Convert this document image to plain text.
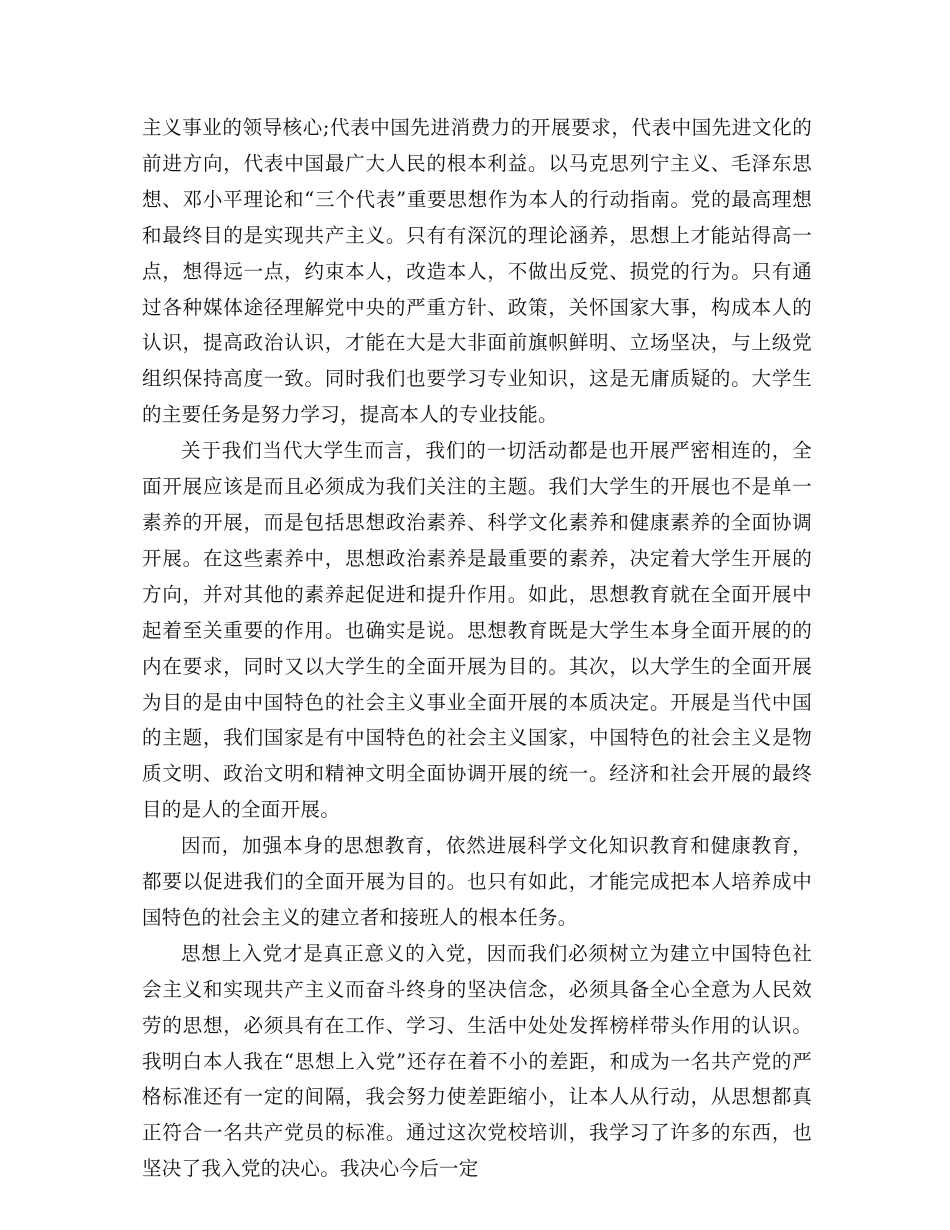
主义事业的领导核心;代表中国先进消费力的开展要求，代表中国先进文化的前进方向，代表中国最广大人民的根本利益。以马克思列宁主义、毛泽东思想、邓小平理论和“三个代表”重要思想作为本人的行动指南。党的最高理想和最终目的是实现共产主义。只有有深沉的理论涵养，思想上才能站得高一点，想得远一点，约束本人，改造本人，不做出反党、损党的行为。只有通过各种媒体途径理解党中央的严重方针、政策，关怀国家大事，构成本人的认识，提高政治认识，才能在大是大非面前旗帜鲜明、立场坚决，与上级党组织保持高度一致。同时我们也要学习专业知识，这是无庸质疑的。大学生的主要任务是努力学习，提高本人的专业技能。

关于我们当代大学生而言，我们的一切活动都是也开展严密相连的，全面开展应该是而且必须成为我们关注的主题。我们大学生的开展也不是单一素养的开展，而是包括思想政治素养、科学文化素养和健康素养的全面协调开展。在这些素养中，思想政治素养是最重要的素养，决定着大学生开展的方向，并对其他的素养起促进和提升作用。如此，思想教育就在全面开展中起着至关重要的作用。也确实是说。思想教育既是大学生本身全面开展的的内在要求，同时又以大学生的全面开展为目的。其次，以大学生的全面开展为目的是由中国特色的社会主义事业全面开展的本质决定。开展是当代中国的主题，我们国家是有中国特色的社会主义国家，中国特色的社会主义是物质文明、政治文明和精神文明全面协调开展的统一。经济和社会开展的最终目的是人的全面开展。

因而，加强本身的思想教育，依然进展科学文化知识教育和健康教育，都要以促进我们的全面开展为目的。也只有如此，才能完成把本人培养成中国特色的社会主义的建立者和接班人的根本任务。

思想上入党才是真正意义的入党，因而我们必须树立为建立中国特色社会主义和实现共产主义而奋斗终身的坚决信念，必须具备全心全意为人民效劳的思想，必须具有在工作、学习、生活中处处发挥榜样带头作用的认识。我明白本人我在“思想上入党”还存在着不小的差距，和成为一名共产党的严格标准还有一定的间隔，我会努力使差距缩小，让本人从行动，从思想都真正符合一名共产党员的标准。通过这次党校培训，我学习了许多的东西，也坚决了我入党的决心。我决心今后一定
